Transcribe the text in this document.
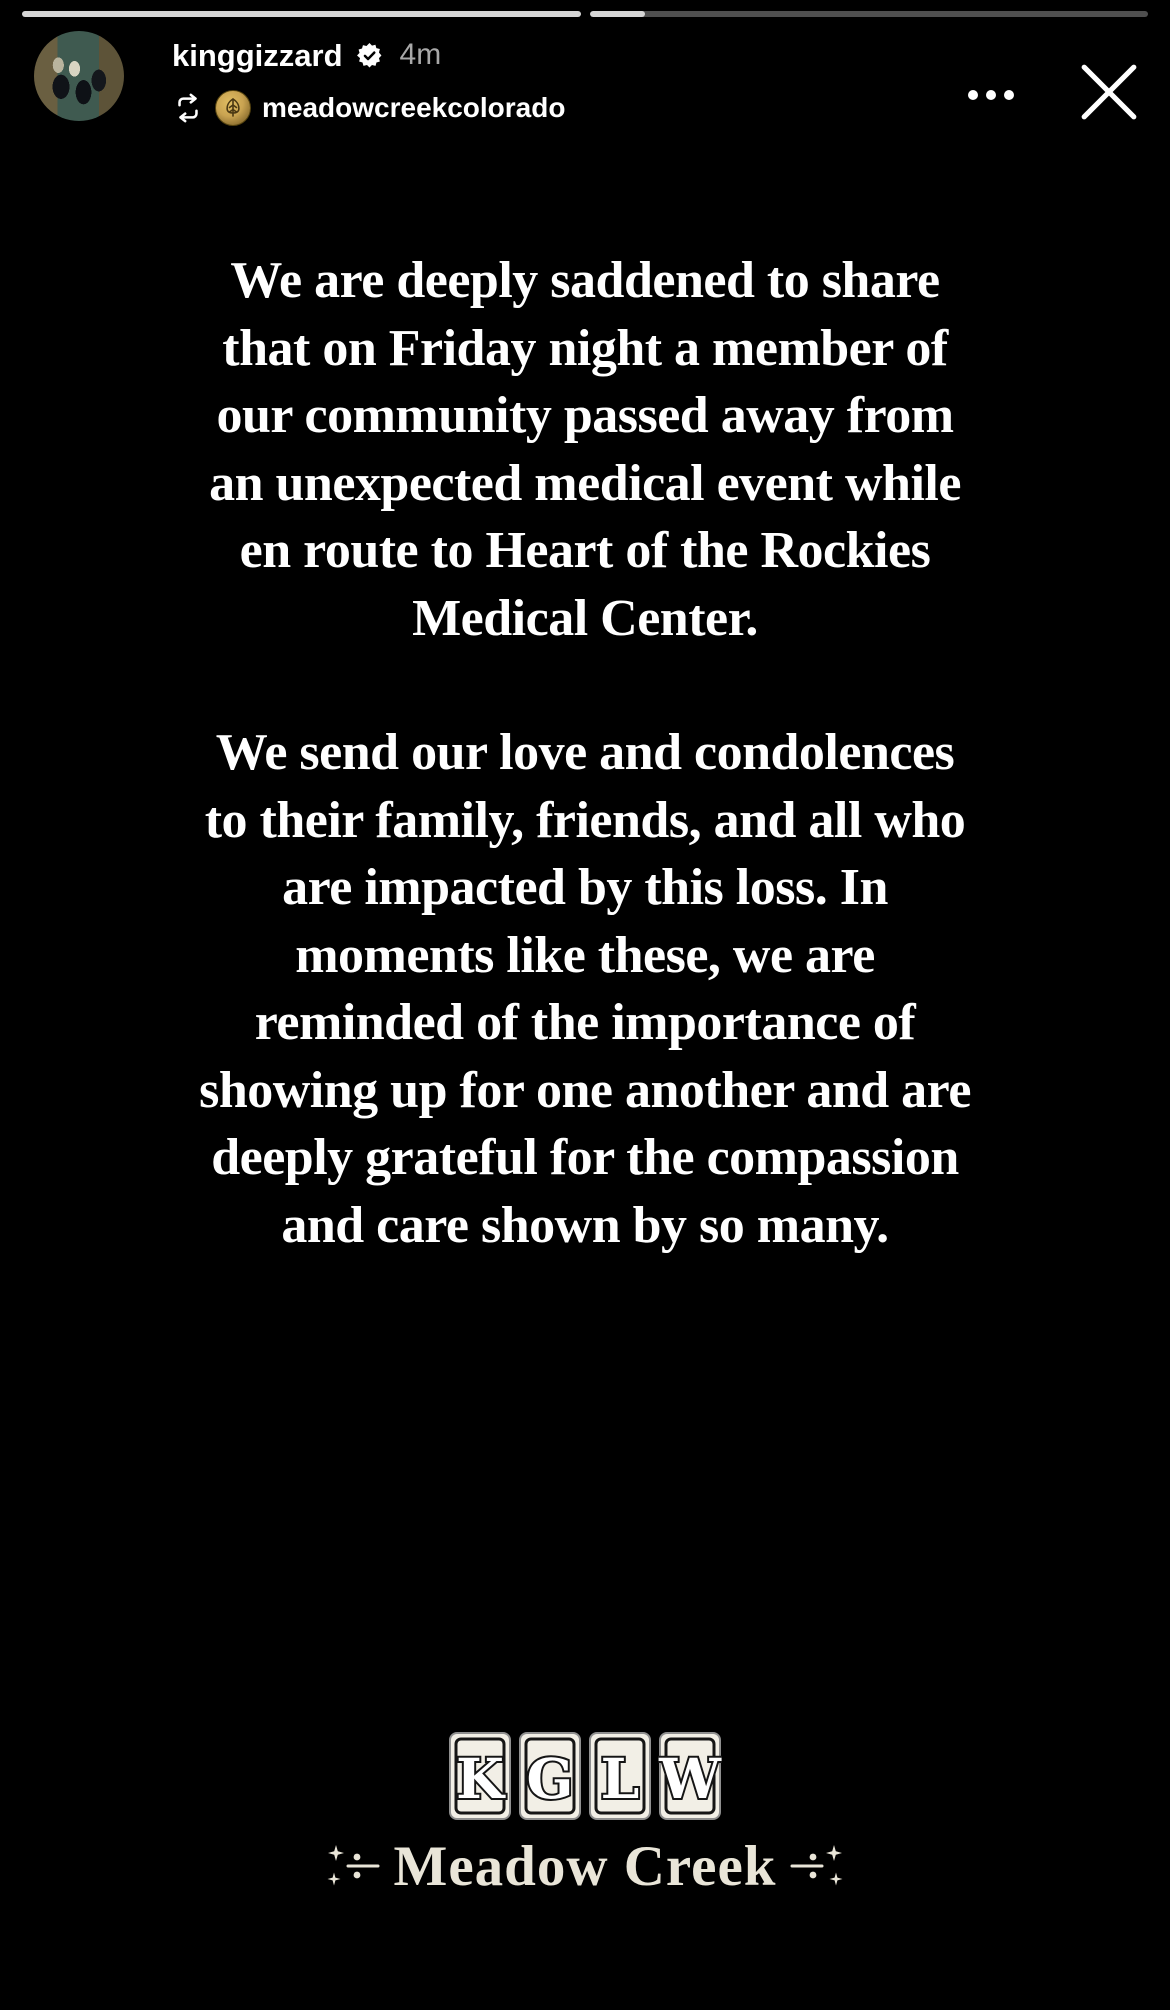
kinggizzard 4m
meadowcreekcolorado
We are deeply saddened to share
that on Friday night a member of
our community passed away from
an unexpected medical event while
en route to Heart of the Rockies
Medical Center.
We send our love and condolences
to their family, friends, and all who
are impacted by this loss. In
moments like these, we are
reminded of the importance of
showing up for one another and are
deeply grateful for the compassion
and care shown by so many.
K G L W
Meadow Creek
